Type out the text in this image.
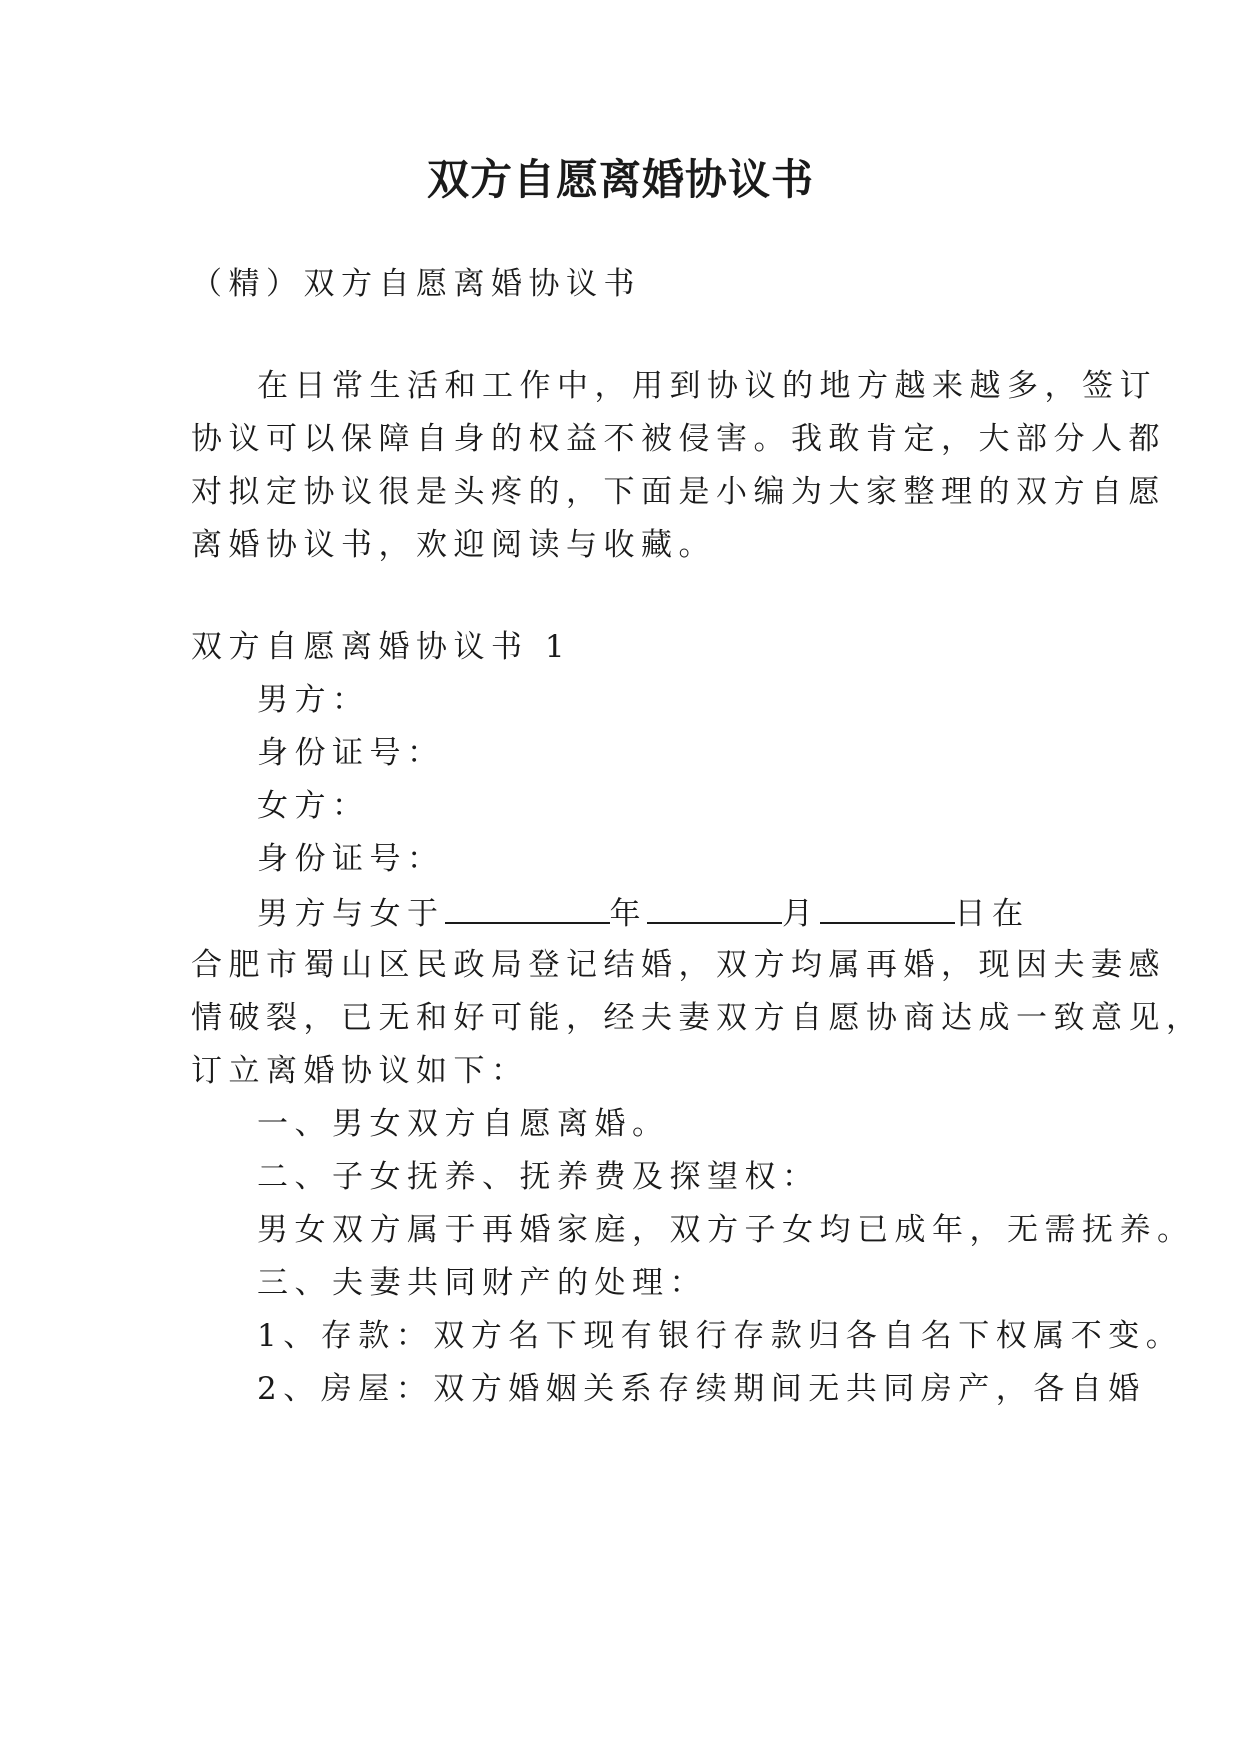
双方自愿离婚协议书
（精）双方自愿离婚协议书
在日常生活和工作中，用到协议的地方越来越多，签订
协议可以保障自身的权益不被侵害。我敢肯定，大部分人都
对拟定协议很是头疼的，下面是小编为大家整理的双方自愿
离婚协议书，欢迎阅读与收藏。
双方自愿离婚协议书 1
男方：
身份证号：
女方：
身份证号：
男方与女于	年	月	日在
合肥市蜀山区民政局登记结婚，双方均属再婚，现因夫妻感
情破裂，已无和好可能，经夫妻双方自愿协商达成一致意见，
订立离婚协议如下：
一、男女双方自愿离婚。
二、子女抚养、抚养费及探望权：
男女双方属于再婚家庭，双方子女均已成年，无需抚养。
三、夫妻共同财产的处理：
1、存款：双方名下现有银行存款归各自名下权属不变。
2、房屋：双方婚姻关系存续期间无共同房产，各自婚
